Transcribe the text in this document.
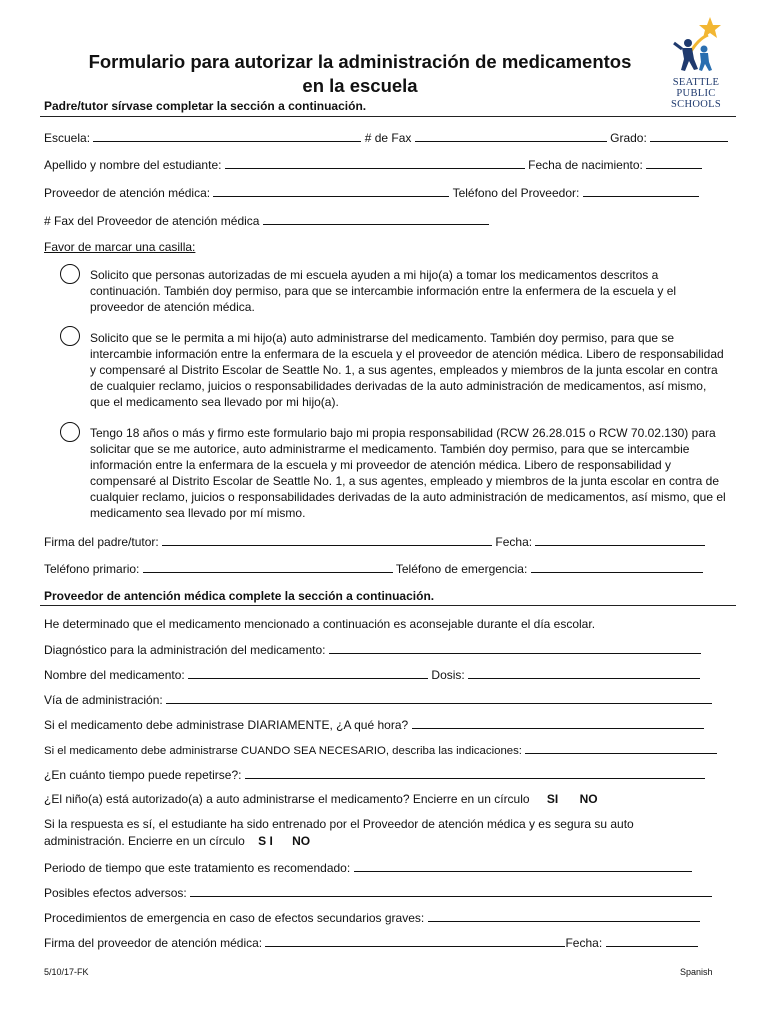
Formulario para autorizar la administración de medicamentos
en la escuela	SEATTLE
PUBLIC
SCHOOLS
Padre/tutor sírvase completar la sección a continuación.
Escuela:	# de Fax	Grado:
Apellido y nombre del estudiante:	Fecha de nacimiento:
Proveedor de atención médica:	Teléfono del Proveedor:
# Fax del Proveedor de atención médica
Favor de marcar una casilla:
Solicito que personas autorizadas de mi escuela ayuden a mi hijo(a) a tomar los medicamentos descritos a continuación. También doy permiso, para que se intercambie información entre la enfermera de la escuela y el proveedor de atención médica.
Solicito que se le permita a mi hijo(a) auto administrarse del medicamento. También doy permiso, para que se intercambie información entre la enfermara de la escuela y el proveedor de atención médica. Libero de responsabilidad y compensaré al Distrito Escolar de Seattle No. 1, a sus agentes, empleados y miembros de la junta escolar en contra de cualquier reclamo, juicios o responsabilidades derivadas de la auto administración de medicamentos, así mismo, que el medicamento sea llevado por mi hijo(a).
Tengo 18 años o más y firmo este formulario bajo mi propia responsabilidad (RCW 26.28.015 o RCW 70.02.130) para solicitar que se me autorice, auto administrarme el medicamento. También doy permiso, para que se intercambie información entre la enfermara de la escuela y mi proveedor de atención médica. Libero de responsabilidad y compensaré al Distrito Escolar de Seattle No. 1, a sus agentes, empleado y miembros de la junta escolar en contra de cualquier reclamo, juicios o responsabilidades derivadas de la auto administración de medicamentos, así mismo, que el medicamento sea llevado por mí mismo.
Firma del padre/tutor:	Fecha:
Teléfono primario:	Teléfono de emergencia:
Proveedor de antención médica complete la sección a continuación.
He determinado que el medicamento mencionado a continuación es aconsejable durante el día escolar.
Diagnóstico para la administración del medicamento:
Nombre del medicamento:	Dosis:
Vía de administración:
Si el medicamento debe administrase DIARIAMENTE, ¿A qué hora?
Si el medicamento debe administrarse CUANDO SEA NECESARIO, describa las indicaciones:
¿En cuánto tiempo puede repetirse?:
¿El niño(a) está autorizado(a) a auto administrarse el medicamento? Encierre en un círculo SI NO
Si la respuesta es sí, el estudiante ha sido entrenado por el Proveedor de atención médica y es segura su auto
administración. Encierre en un círculo S I NO
Periodo de tiempo que este tratamiento es recomendado:
Posibles efectos adversos:
Procedimientos de emergencia en caso de efectos secundarios graves:
Firma del proveedor de atención médica:	Fecha:
5/10/17-FK	Spanish
